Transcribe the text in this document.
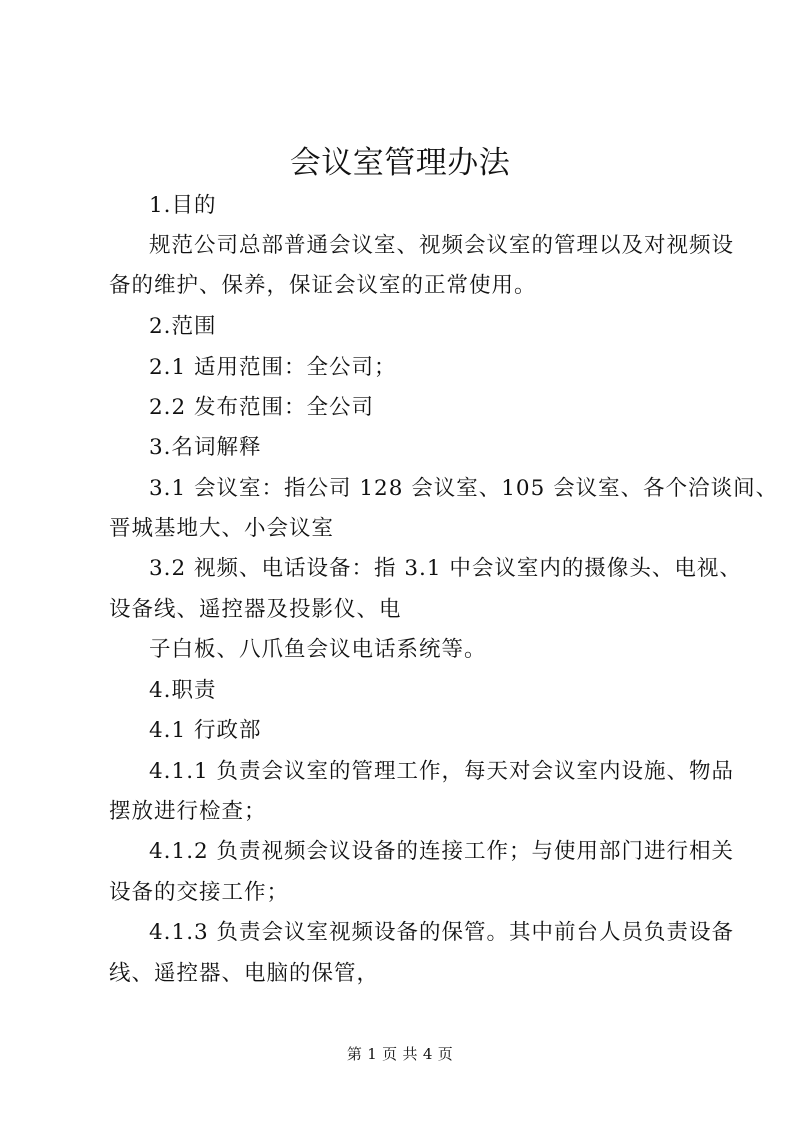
会议室管理办法
1.目的
规范公司总部普通会议室、视频会议室的管理以及对视频设
备的维护、保养，保证会议室的正常使用。
2.范围
2.1 适用范围：全公司；
2.2 发布范围：全公司
3.名词解释
3.1 会议室：指公司 128 会议室、105 会议室、各个洽谈间、
晋城基地大、小会议室
3.2 视频、电话设备：指 3.1 中会议室内的摄像头、电视、
设备线、遥控器及投影仪、电
子白板、八爪鱼会议电话系统等。
4.职责
4.1 行政部
4.1.1 负责会议室的管理工作，每天对会议室内设施、物品
摆放进行检查；
4.1.2 负责视频会议设备的连接工作；与使用部门进行相关
设备的交接工作；
4.1.3 负责会议室视频设备的保管。其中前台人员负责设备
线、遥控器、电脑的保管，
第 1 页 共 4 页
